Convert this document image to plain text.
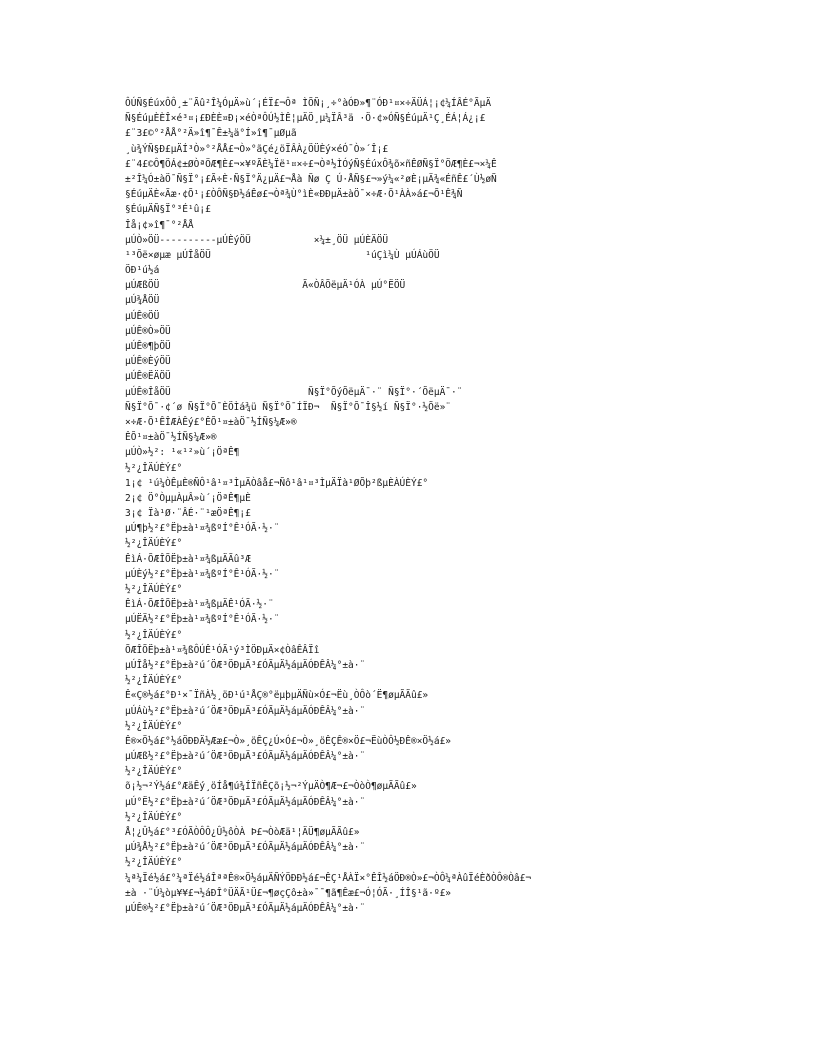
ÔÚÑ§ÉúxÔÔ¸±¨Ãû²Î¼ÓµÄ»ù´¡ÉÏ£¬Ôª ÌÕÑ¡¸÷°àÓÐ»¶¨ÓÐ¹¤×÷ÄÜÁ¦¡¢¼ÍÂÉ°ÃµÄ
Ñ§ÉúµÈÈÎ×é³¤¡£ÐÈÈ¤Ð¡×éÒªÔÚ½ÌÊ¦µÄÖ¸µ¼ÏÂ³ä ·Ö·¢»ÓÑ§ÉúµÄ¹Ç¸ÉÁ¦Á¿¡£
£¨3£©°²ÅÅ°²Ä»î¶¯Ê±¼ä°Í»î¶¯µØµã
¸ù¾ÝÑ§Ð£µÄÍ³Ò»°²ÅÅ£¬Ò»°ãÇé¿öÏÂÀ¿ÖÜÈý×éÓ¯Ò»´Î¡£
£¨4£©Ô¶ÖÁ¢±ØÒªÖÆ¶È£¬×¥ºÃÈ¼Ïë¹¤×÷£¬Òª½ÌÓýÑ§ÉúxÔ¾õ×ñÊØÑ§Ï°ÖÆ¶È£¬×¼Ê
±²Î¼Ó±àÖ¯Ñ§Ï°¡£Ã÷È·Ñ§Ï°Ä¿µÄ£¬Åà Ñø Ç Ú·ÅÑ§£¬»ý¼«²øÈ¡µÄ¾«ÉñÊ£´Ù½øÑ
§ÉúµÄÈ«Ãæ·¢Õ¹¡£ÒÔÑ§Ð½áÊø£¬Òª¾Ù°ìÈ«ÐÐµÄ±àÖ¯×÷Æ·Õ¹ÀÀ»á£¬Õ¹Ê¾Ñ
§ÉúµÄÑ§Ï°³É¹û¡£
Îå¡¢»î¶¯°²ÅÅ
µÚÒ»ÖÜ----------µÚÈýÖÜ           ×¼±¸ÖÜ µÚÈÄÖÜ
¹³Õë×øµæ µÚÎåÖÜ                           ¹úÇì¼Ù µÚÁùÖÜ
ÖÐ¹ú½á
µÚÆßÖÜ                         Ã«ÒÂÕëµÄ¹ÓÀ µÚ°ËÖÜ
µÚ¾ÅÖÜ
µÚÊ®ÖÜ
µÚÊ®Ò»ÖÜ
µÚÊ®¶þÖÜ
µÚÊ®ÈýÖÜ
µÚÊ®ËÄÖÜ
µÚÊ®ÎåÖÜ                        Ñ§Ï°ÕýÕëµÄ¯·¨ Ñ§Ï°·´ÕëµÄ¯·¨
Ñ§Ï°Õ¯·¢´ø Ñ§Ï°Õ¯ÈÖÌá¾ü Ñ§Ï°Õ¯ÍÏÐ¬  Ñ§Ï°Õ¯Î§½í Ñ§Ï°·½Õë»¨
×÷Æ·Õ¹ÊÎÆÀÊý£°ÊÕ¹¤±àÖ¯½ÍÑ§¼Æ»®
ÊÕ¹¤±àÖ¯½ÍÑ§¼Æ»®
µÚÒ»½²: ¹«¹²»ù´¡ÖªÊ¶
½²¿ÎÄÚÈÝ£°
1¡¢ ¹ú¼ÒÊµÈ®ÑÔ¹â¹¤³ÌµÄÒâå£¬Ñô¹â¹¤³ÌµÄÏà¹ØÕþ²ßµÈÀÚÈÝ£°
2¡¢ Ö°ÒµµÀµÂ»ù´¡ÖªÊ¶µÈ
3¡¢ Ïà¹Ø·¨ÂÉ·¨¹æÖªÊ¶¡£
µÚ¶þ½²£°Ëþ±à¹¤¾ßºÍ°Ê¹ÓÃ·½·¨
½²¿ÎÄÚÈÝ£°
ÊìÁ·ÕÆÎÕËþ±à¹¤¾ßµÄÃû³Æ
µÚÈý½²£°Ëþ±à¹¤¾ßºÍ°Ê¹ÓÃ·½·¨
½²¿ÎÄÚÈÝ£°
ÊìÁ·ÕÆÎÕËþ±à¹¤¾ßµÄÊ¹ÓÃ·½·¨
µÚËÄ½²£°Ëþ±à¹¤¾ßºÍ°Ê¹ÓÃ·½·¨
½²¿ÎÄÚÈÝ£°
ÕÆÎÕËþ±à¹¤¾ßÔÚÊ¹ÓÃ¹ý³ÌÖÐµÄ×¢ÒâÊÂÏî
µÚÎå½²£°Ëþ±à²ú´ÖÆ³ÖÐµÄ³£ÓÃµÄ½áµÄÓÐÊÂ¼°±à·¨
½²¿ÎÄÚÈÝ£°
Ê«Ç®½á£°Ð¹×¯ÏñÀ½¸öÐ¹ú¹ÅÇ®°ëµþµÄÑù×Ó£¬Ëù¸ÒÔò´Ë¶øµÃÃû£»
µÚÁù½²£°Ëþ±à²ú´ÖÆ³ÖÐµÄ³£ÓÃµÄ½áµÄÓÐÊÂ¼°±à·¨
½²¿ÎÄÚÈÝ£°
Ê®×Ö½á£°½áÖÐÐÄ½Ææ£¬Ò»¸öÊÇ¿Ú×Ó£¬Ò»¸öÊÇÊ®×Ö£¬ËùÒÔ½ÐÊ®×Ö½á£»
µÚÆß½²£°Ëþ±à²ú´ÖÆ³ÖÐµÄ³£ÓÃµÄ½áµÄÓÐÊÂ¼°±à·¨
½²¿ÎÄÚÈÝ£°
õ¡½¬²Ý½á£°ÆäÊý¸öÍå¶ú¾ÍÏñÊÇõ¡½¬²ÝµÄÒ¶Æ¬£¬ÒòÒ¶øµÃÃû£»
µÚ°Ë½²£°Ëþ±à²ú´ÖÆ³ÖÐµÄ³£ÓÃµÄ½áµÄÓÐÊÂ¼°±à·¨
½²¿ÎÄÚÈÝ£°
Å¦¿Û½á£°³£ÓÃÒÔÔ¿Û½ôÒÀ Þ£¬ÒòÆä¹¦ÄÜ¶øµÃÃû£»
µÚ¾Å½²£°Ëþ±à²ú´ÖÆ³ÖÐµÄ³£ÓÃµÄ½áµÄÓÐÊÂ¼°±à·¨
½²¿ÎÄÚÈÝ£°
¼ª¼Ïé½á£°¼ªÏé½áÎªªÊ®×Ö½áµÄÑÝÖÐÐ½á£¬ÊÇ¹ÅÀÏ×°ÊÎ½áÖÐ®Ò»£¬ÒÔ¼ªÀûÏéÈðÒÔ®Òâ£¬
±à ·¨Ú¼òµ¥¥£¬½áÐÎ°ÜÄÃ¹Ü£¬¶øçÇô±à»¯¯¶ã¶Êæ£¬Ó¦ÓÃ·¸ÍÎ§¹ã·º£»
µÚÊ®½²£°Ëþ±à²ú´ÖÆ³ÖÐµÄ³£ÓÃµÄ½áµÄÓÐÊÂ¼°±à·¨
